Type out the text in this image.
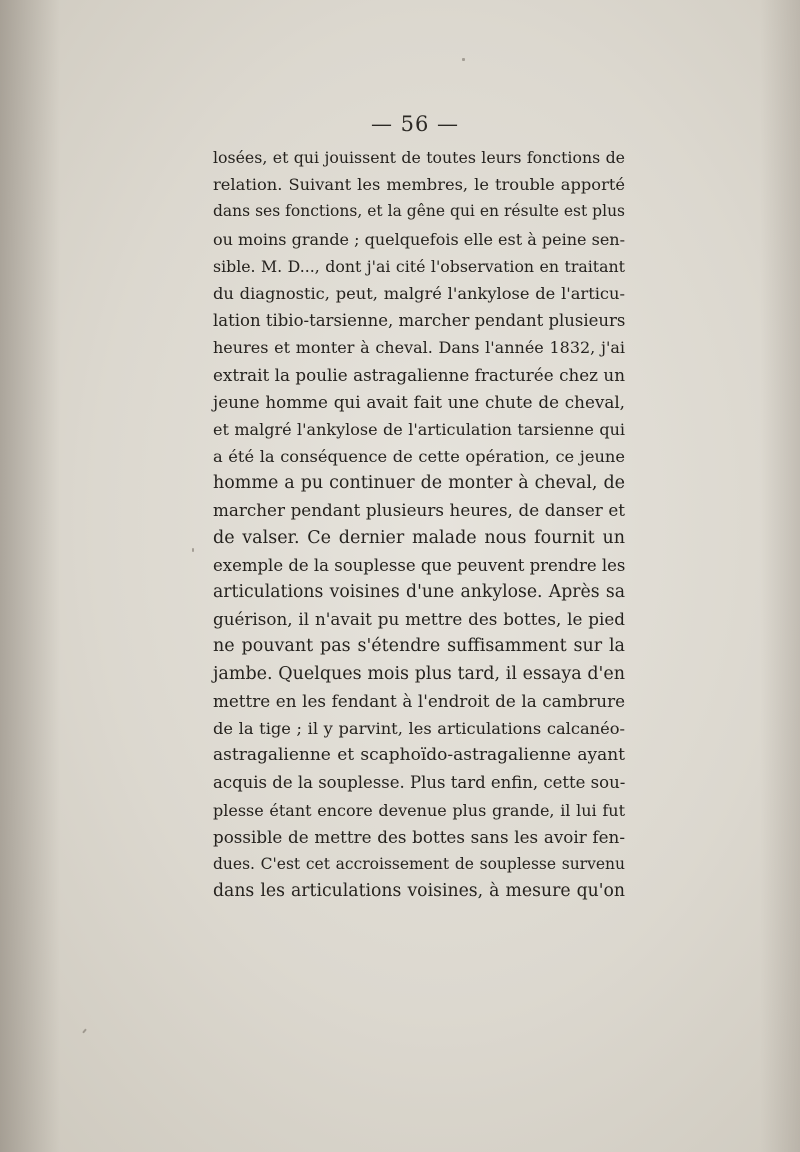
— 56 —
losées, et qui jouissent de toutes leurs fonctions de
relation. Suivant les membres, le trouble apporté
dans ses fonctions, et la gêne qui en résulte est plus
ou moins grande ; quelquefois elle est à peine sen-
sible. M. D..., dont j'ai cité l'observation en traitant
du diagnostic, peut, malgré l'ankylose de l'articu-
lation tibio-tarsienne, marcher pendant plusieurs
heures et monter à cheval. Dans l'année 1832, j'ai
extrait la poulie astragalienne fracturée chez un
jeune homme qui avait fait une chute de cheval,
et malgré l'ankylose de l'articulation tarsienne qui
a été la conséquence de cette opération, ce jeune
homme a pu continuer de monter à cheval, de
marcher pendant plusieurs heures, de danser et
de valser. Ce dernier malade nous fournit un
exemple de la souplesse que peuvent prendre les
articulations voisines d'une ankylose. Après sa
guérison, il n'avait pu mettre des bottes, le pied
ne pouvant pas s'étendre suffisamment sur la
jambe. Quelques mois plus tard, il essaya d'en
mettre en les fendant à l'endroit de la cambrure
de la tige ; il y parvint, les articulations calcanéo-
astragalienne et scaphoïdo-astragalienne ayant
acquis de la souplesse. Plus tard enfin, cette sou-
plesse étant encore devenue plus grande, il lui fut
possible de mettre des bottes sans les avoir fen-
dues. C'est cet accroissement de souplesse survenu
dans les articulations voisines, à mesure qu'on
